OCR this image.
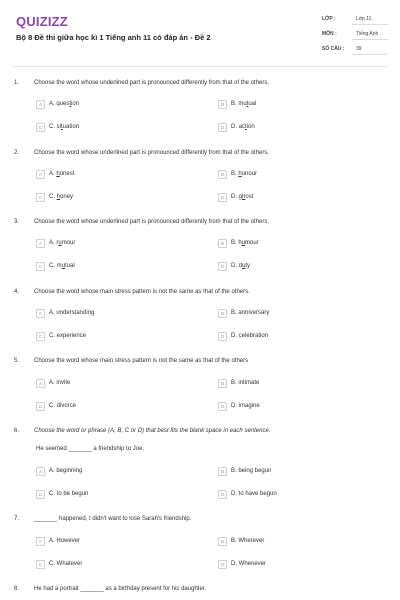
QUIZIZZ
Bộ 8 Đề thi giữa học kì 1 Tiếng anh 11 có đáp án - Đề 2
LỚP :	Lớp 11
MÔN :	Tiếng Anh
SỐ CÂU : 39
1. Choose the word whose underlined part is pronounced differently from that of the others.
A	A. question	B	B. mutual
C	C. situation	D	D. action
2. Choose the word whose underlined part is pronounced differently from that of the others.
A	A. honest	B	B. honour
C	C. honey	D	D. ghost
3. Choose the word whose underlined part is pronounced differently from that of the others.
A	A. rumour	B	B. humour
C	C. mutual	D	D. duty
4. Choose the word whose main stress pattern is not the same as that of the others.
A	A. understanding	B	B. anniversary
C	C. experience	D	D. celebration
5. Choose the word whose main stress pattern is not the same as that of the others
A	A. invite	B	B. intimate
C	C. divorce	D	D. imagine
6. Choose the word or phrase (A, B, C or D) that best fits the blank space in each sentence.
He seemed _______ a friendship to Joe.
A	A. beginning	B	B. being begun
C	C. to be begun	D	D. to have begun
7. _______ happened, I didn't want to lose Sarah's friendship.
A	A. However	B	B. Wherever
C	C. Whatever	D	D. Whenever
8. He had a portrait _______ as a birthday present for his daughter.
